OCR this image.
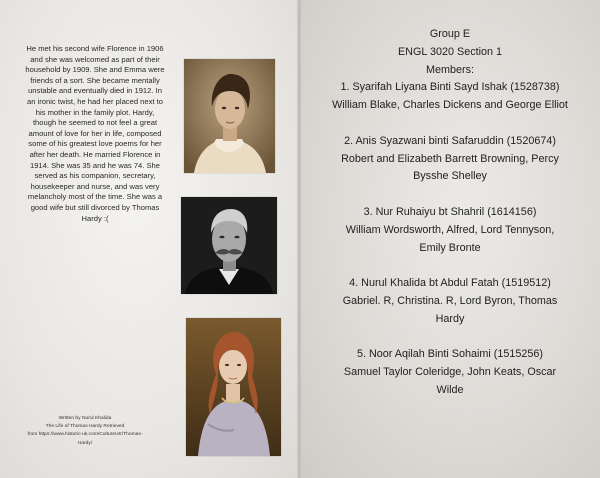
He met his second wife Florence in 1906 and she was welcomed as part of their household by 1909. She and Emma were friends of a sort. She became mentally unstable and eventually died in 1912. In an ironic twist, he had her placed next to his mother in the family plot. Hardy, though he seemed to not feel a great amount of love for her in life, composed some of his greatest love poems for her after her death. He married Florence in 1914. She was 35 and he was 74. She served as his companion, secretary, housekeeper and nurse, and was very melancholy most of the time. She was a good wife but still divorced by Thomas Hardy :(
Written by Nurul Khalida
The Life of Thomas Hardy Retrieved
from https://www.historic-uk.com/CultureUK/Thomas-
Hardy/

Group E

ENGL 3020 Section 1

Members:

1. Syarifah Liyana Binti Sayd Ishak (1528738)

William Blake, Charles Dickens and George Elliot

2. Anis Syazwani binti Safaruddin (1520674)

Robert and Elizabeth Barrett Browning, Percy

Bysshe Shelley

3. Nur Ruhaiyu bt Shahril (1614156)

William Wordsworth, Alfred, Lord Tennyson,

Emily Bronte

4. Nurul Khalida bt Abdul Fatah (1519512)

Gabriel. R, Christina. R, Lord Byron, Thomas

Hardy

5. Noor Aqilah Binti Sohaimi (1515256)

Samuel Taylor Coleridge, John Keats, Oscar

Wilde
